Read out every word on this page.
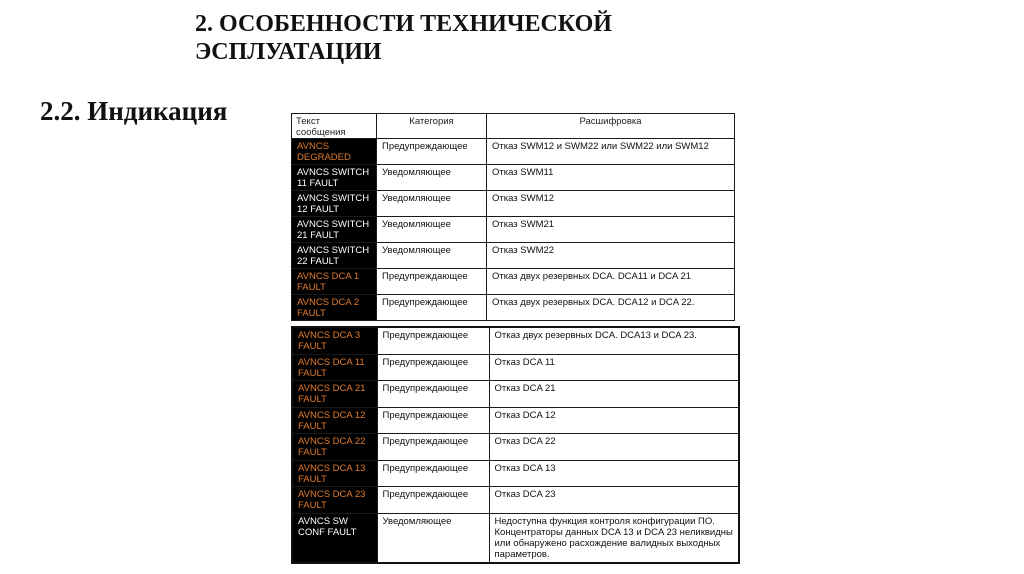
2. ОСОБЕННОСТИ ТЕХНИЧЕСКОЙ
ЭСПЛУАТАЦИИ
2.2. Индикация	Текст сообщения	Категория	Расшифровка
AVNCS DEGRADED	Предупреждающее	Отказ SWM12 и SWM22 или SWM22 или SWM12
AVNCS SWITCH 11 FAULT	Уведомляющее	Отказ SWM11
AVNCS SWITCH 12 FAULT	Уведомляющее	Отказ SWM12
AVNCS SWITCH 21 FAULT	Уведомляющее	Отказ SWM21
AVNCS SWITCH 22 FAULT	Уведомляющее	Отказ SWM22
AVNCS DCA 1 FAULT	Предупреждающее	Отказ двух резервных DCA. DCA11 и DCA 21
AVNCS DCA 2 FAULT	Предупреждающее	Отказ двух резервных DCA. DCA12 и DCA 22.
AVNCS DCA 3 FAULT	Предупреждающее	Отказ двух резервных DCA. DCA13 и DCA 23.
AVNCS DCA 11 FAULT	Предупреждающее	Отказ DCA 11
AVNCS DCA 21 FAULT	Предупреждающее	Отказ DCA 21
AVNCS DCA 12 FAULT	Предупреждающее	Отказ DCA 12
AVNCS DCA 22 FAULT	Предупреждающее	Отказ DCA 22
AVNCS DCA 13 FAULT	Предупреждающее	Отказ DCA 13
AVNCS DCA 23 FAULT	Предупреждающее	Отказ DCA 23
AVNCS SW CONF FAULT	Уведомляющее	Недоступна функция контроля конфигурации ПО. Концентраторы данных DCA 13 и DCA 23 неликвидны или обнаружено расхождение валидных выходных параметров.
